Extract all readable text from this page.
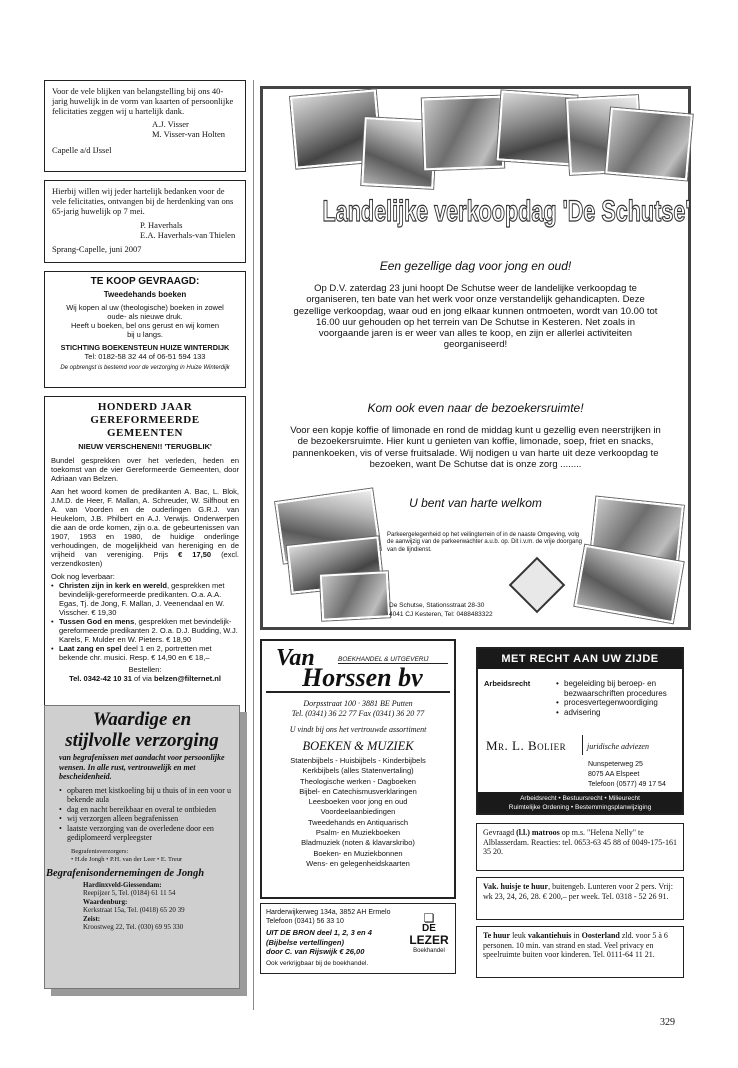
Voor de vele blijken van belangstelling bij ons 40-jarig huwelijk in de vorm van kaarten of persoonlijke felicitaties zeggen wij u hartelijk dank.

A.J. Visser

M. Visser-van Holten

Capelle a/d IJssel

Hierbij willen wij jeder hartelijk bedanken voor de vele felicitaties, ontvangen bij de herdenking van ons 65-jarig huwelijk op 7 mei.

P. Haverhals

E.A. Haverhals-van Thielen

Sprang-Capelle, juni 2007

TE KOOP GEVRAAGD:

Tweedehands boeken

Wij kopen al uw (theologische) boeken in zowel oude- als nieuwe druk.

Heeft u boeken, bel ons gerust en wij komen bij u langs.

STICHTING BOEKENSTEUN HUIZE WINTERDIJK

Tel: 0182-58 32 44 of 06-51 594 133

De opbrengst is bestemd voor de verzorging in Huize Winterdijk

HONDERD JAAR

GEREFORMEERDE GEMEENTEN

NIEUW VERSCHENEN!! 'TERUGBLIK'

Bundel gesprekken over het verleden, heden en toekomst van de vier Gereformeerde Gemeenten, door Adriaan van Belzen.

Aan het woord komen de predikanten A. Bac, L. Blok, J.M.D. de Heer, F. Mallan, A. Schreuder, W. Silfhout en A. van Voorden en de ouderlingen G.R.J. van Heukelom, J.B. Philbert en A.J. Verwijs. Onderwerpen die aan de orde komen, zijn o.a. de gebeurtenissen van 1907, 1953 en 1980, de huidige onderlinge verhoudingen, de mogelijkheid van hereniging en de vrijheid van vereniging. Prijs € 17,50 (excl. verzendkosten)

Ook nog leverbaar:

• Christen zijn in kerk en wereld, gesprekken met bevindelijk-gereformeerde predikanten. O.a. A.A. Egas, Tj. de Jong, F. Mallan, J. Veenendaal en W. Visscher. € 19,30
• Tussen God en mens, gesprekken met bevindelijk-gereformeerde predikanten 2. O.a. D.J. Budding, W.J. Karels, F. Mulder en W. Pieters. € 18,90
• Laat zang en spel deel 1 en 2, portretten met bekende chr. musici. Resp. € 14,90 en € 18,–

Bestellen:

Tel. 0342-42 10 31 of via belzen@filternet.nl

Waardige en

stijlvolle verzorging

van begrafenissen met aandacht voor persoonlijke wensen. In alle rust, vertrouwelijk en met bescheidenheid.

• opbaren met kistkoeling bij u thuis of in een voor u bekende aula
• dag en nacht bereikbaar en overal te ontbieden
• wij verzorgen alleen begrafenissen
• laatste verzorging van de overledene door een gediplomeerd verpleegster

Begrafenisverzorgers:

• H.de Jongh • P.H. van der Leer • E. Treur

Begrafenisondernemingen de Jongh

Hardinxveld-Giessendam:

Reepijzer 5, Tel. (0184) 61 11 54

Waardenburg:

Kerkstraat 15a, Tel. (0418) 65 20 39

Zeist:

Kroostweg 22, Tel. (030) 69 95 330

Landelijke verkoopdag 'De Schutse'

Een gezellige dag voor jong en oud!

Op D.V. zaterdag 23 juni hoopt De Schutse weer de landelijke verkoopdag te organiseren, ten bate van het werk voor onze verstandelijk gehandicapten. Deze gezellige verkoopdag, waar oud en jong elkaar kunnen ontmoeten, wordt van 10.00 tot 16.00 uur gehouden op het terrein van De Schutse in Kesteren. Net zoals in voorgaande jaren is er weer van alles te koop, en zijn er allerlei activiteiten georganiseerd!

Kom ook even naar de bezoekersruimte!

Voor een kopje koffie of limonade en rond de middag kunt u gezellig even neerstrijken in de bezoekersruimte. Hier kunt u genieten van koffie, limonade, soep, friet en snacks, pannenkoeken, vis of verse fruitsalade. Wij nodigen u van harte uit deze verkoopdag te bezoeken, want De Schutse dat is onze zorg ........

U bent van harte welkom

Parkeergelegenheid op het veilingterrein of in de naaste Omgeving, volg de aanwijzig van de parkeerwachter a.u.b. op. Dit i.v.m. de vrije doorgang van de lijndienst.

De Schutse, Stationsstraat 28-30

4041 CJ Kesteren, Tel: 0488483322

Van	BOEKHANDEL & UITGEVERIJ
Horssen bv

Dorpsstraat 100 · 3881 BE Putten

Tel. (0341) 36 22 77 Fax (0341) 36 20 77

U vindt bij ons het vertrouwde assortiment

BOEKEN & MUZIEK

Statenbijbels - Huisbijbels - Kinderbijbels

Kerkbijbels (alles Statenvertaling)

Theologische werken - Dagboeken

Bijbel- en Catechismusverklaringen

Leesboeken voor jong en oud

Voordeelaanbiedingen

Tweedehands en Antiquarisch

Psalm- en Muziekboeken

Bladmuziek (noten & klavarskribo)

Boeken- en Muziekbonnen

Wens- en gelegenheidskaarten

Harderwijkerweg 134a, 3852 AH Ermelo

Telefoon (0341) 56 33 10

UIT DE BRON deel 1, 2, 3 en 4

(Bijbelse vertellingen)

door C. van Rijswijk € 26,00

Ook verkrijgbaar bij de boekhandel.

❏
DE
LEZER
Boekhandel
MET RECHT AAN UW ZIJDE

Arbeidsrecht

•	begeleiding bij beroep- en bezwaarschriften procedures
• procesvertegenwoordiging
• advisering

Mr. L. Bolier	juridische adviezen

Nunspeterweg 25

8075 AA Elspeet

Telefoon (0577) 49 17 54

Arbeidsrecht • Bestuursrecht • Milieurecht

Ruimtelijke Ordening • Bestemmingsplanwijziging

Gevraagd (l.l.) matroos op m.s. "Helena Nelly" te Alblasserdam. Reacties: tel. 0653-63 45 88 of 0049-175-161 35 20.

Vak. huisje te huur, buitengeb. Lunteren voor 2 pers. Vrij: wk 23, 24, 26, 28. € 200,– per week. Tel. 0318 - 52 26 91.

Te huur leuk vakantiehuis in Oosterland zld. voor 5 à 6 personen. 10 min. van strand en stad. Veel privacy en speelruimte buiten voor kinderen. Tel. 0111-64 11 21.

329
